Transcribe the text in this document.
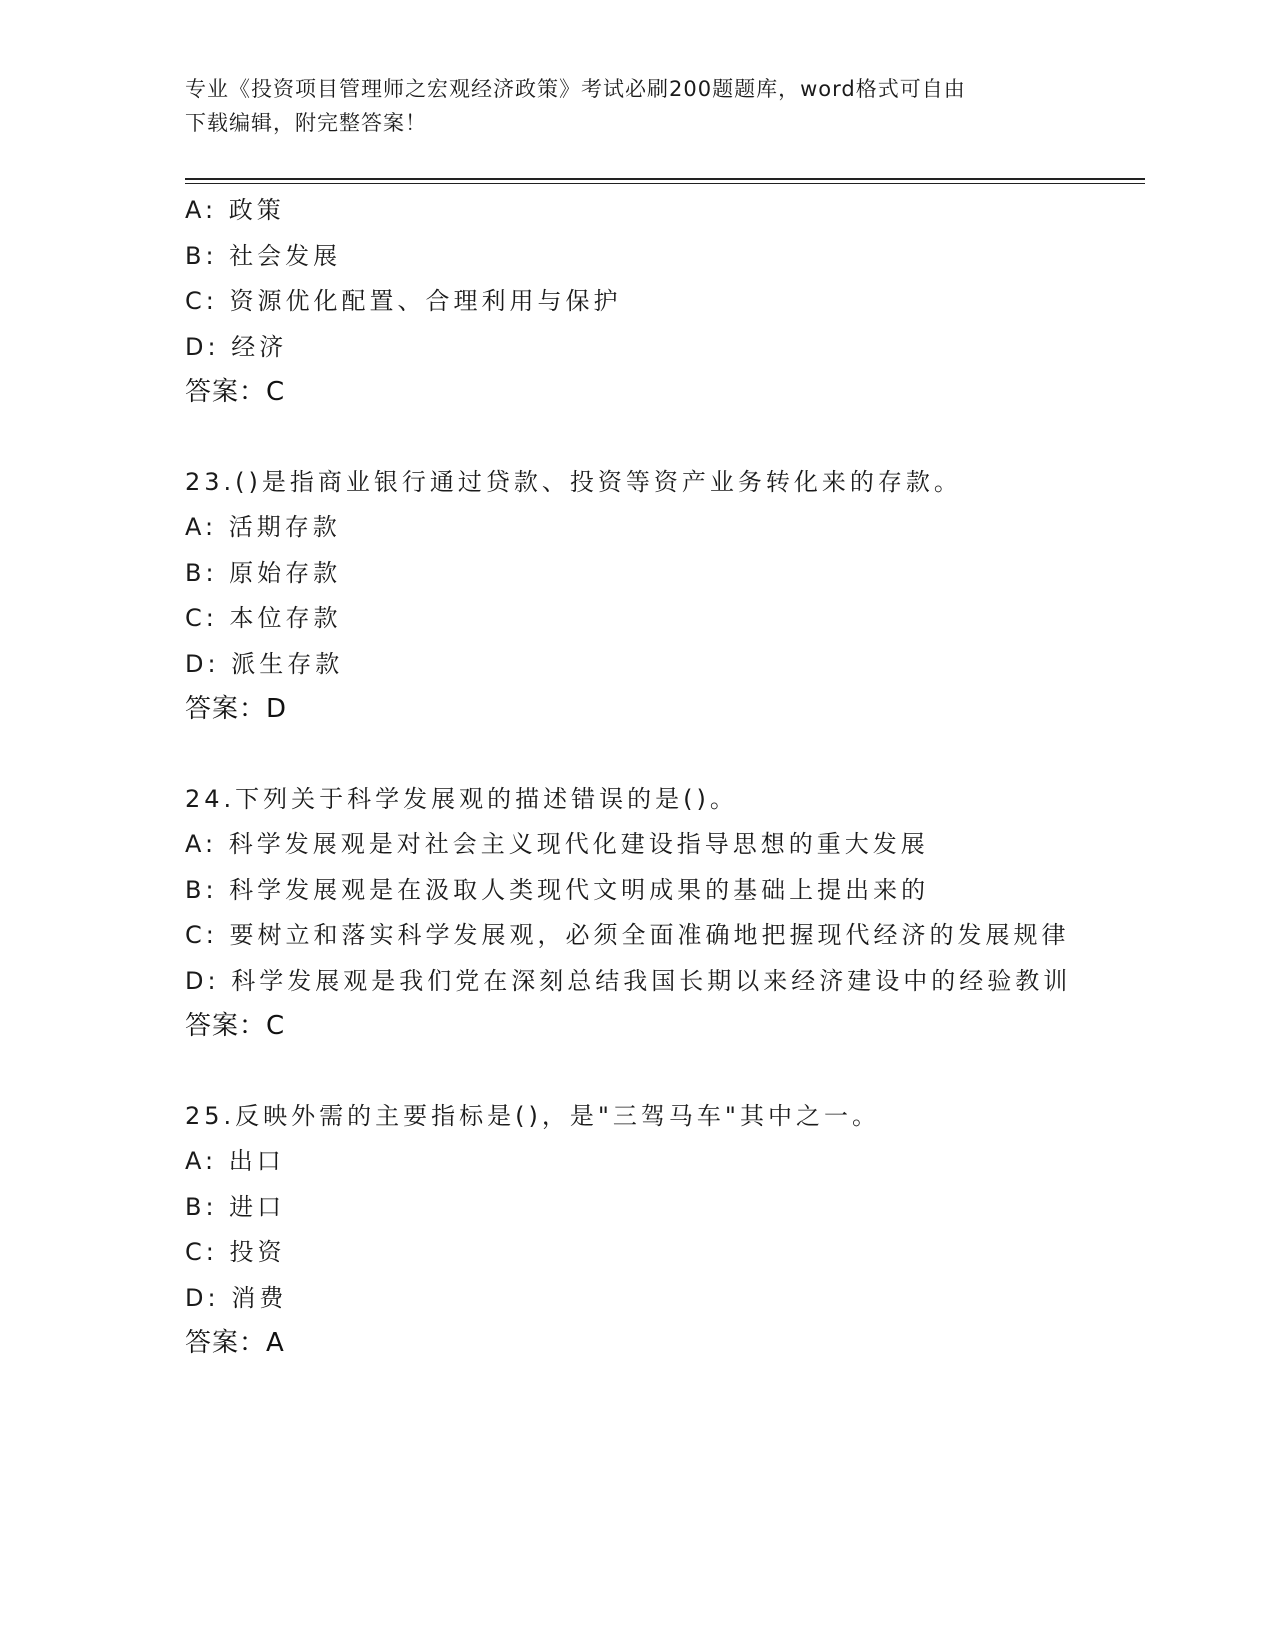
专业《投资项目管理师之宏观经济政策》考试必刷200题题库，word格式可自由
下载编辑，附完整答案！
A: 政策
B: 社会发展
C: 资源优化配置、合理利用与保护
D: 经济
答案：C
23.()是指商业银行通过贷款、投资等资产业务转化来的存款。
A: 活期存款
B: 原始存款
C: 本位存款
D: 派生存款
答案：D
24.下列关于科学发展观的描述错误的是()。
A: 科学发展观是对社会主义现代化建设指导思想的重大发展
B: 科学发展观是在汲取人类现代文明成果的基础上提出来的
C: 要树立和落实科学发展观，必须全面准确地把握现代经济的发展规律
D: 科学发展观是我们党在深刻总结我国长期以来经济建设中的经验教训
答案：C
25.反映外需的主要指标是()，是"三驾马车"其中之一。
A: 出口
B: 进口
C: 投资
D: 消费
答案：A
